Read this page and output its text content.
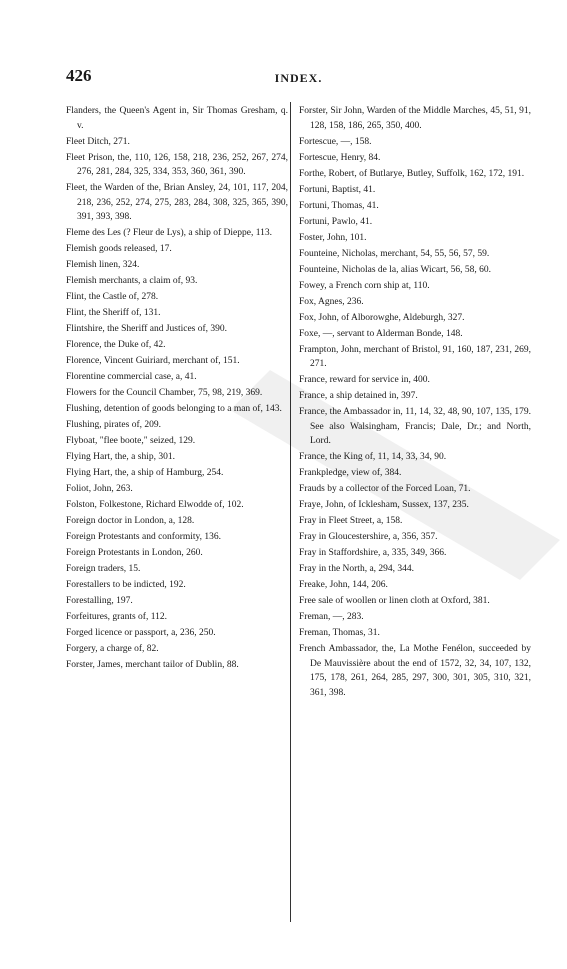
426	INDEX.

Flanders, the Queen's Agent in, Sir Thomas Gresham, q. v.

Fleet Ditch, 271.

Fleet Prison, the, 110, 126, 158, 218, 236, 252, 267, 274, 276, 281, 284, 325, 334, 353, 360, 361, 390.

Fleet, the Warden of the, Brian Ansley, 24, 101, 117, 204, 218, 236, 252, 274, 275, 283, 284, 308, 325, 365, 390, 391, 393, 398.

Fleme des Les (? Fleur de Lys), a ship of Dieppe, 113.

Flemish goods released, 17.

Flemish linen, 324.

Flemish merchants, a claim of, 93.

Flint, the Castle of, 278.

Flint, the Sheriff of, 131.

Flintshire, the Sheriff and Justices of, 390.

Florence, the Duke of, 42.

Florence, Vincent Guiriard, merchant of, 151.

Florentine commercial case, a, 41.

Flowers for the Council Chamber, 75, 98, 219, 369.

Flushing, detention of goods belonging to a man of, 143.

Flushing, pirates of, 209.

Flyboat, "flee boote," seized, 129.

Flying Hart, the, a ship, 301.

Flying Hart, the, a ship of Hamburg, 254.

Foliot, John, 263.

Folston, Folkestone, Richard Elwodde of, 102.

Foreign doctor in London, a, 128.

Foreign Protestants and conformity, 136.

Foreign Protestants in London, 260.

Foreign traders, 15.

Forestallers to be indicted, 192.

Forestalling, 197.

Forfeitures, grants of, 112.

Forged licence or passport, a, 236, 250.

Forgery, a charge of, 82.

Forster, James, merchant tailor of Dublin, 88.

Forster, Sir John, Warden of the Middle Marches, 45, 51, 91, 128, 158, 186, 265, 350, 400.

Fortescue, —, 158.

Fortescue, Henry, 84.

Forthe, Robert, of Butlarye, Butley, Suffolk, 162, 172, 191.

Fortuni, Baptist, 41.

Fortuni, Thomas, 41.

Fortuni, Pawlo, 41.

Foster, John, 101.

Founteine, Nicholas, merchant, 54, 55, 56, 57, 59.

Founteine, Nicholas de la, alias Wicart, 56, 58, 60.

Fowey, a French corn ship at, 110.

Fox, Agnes, 236.

Fox, John, of Alborowghe, Aldeburgh, 327.

Foxe, —, servant to Alderman Bonde, 148.

Frampton, John, merchant of Bristol, 91, 160, 187, 231, 269, 271.

France, reward for service in, 400.

France, a ship detained in, 397.

France, the Ambassador in, 11, 14, 32, 48, 90, 107, 135, 179. See also Walsingham, Francis; Dale, Dr.; and North, Lord.

France, the King of, 11, 14, 33, 34, 90.

Frankpledge, view of, 384.

Frauds by a collector of the Forced Loan, 71.

Fraye, John, of Icklesham, Sussex, 137, 235.

Fray in Fleet Street, a, 158.

Fray in Gloucestershire, a, 356, 357.

Fray in Staffordshire, a, 335, 349, 366.

Fray in the North, a, 294, 344.

Freake, John, 144, 206.

Free sale of woollen or linen cloth at Oxford, 381.

Freman, —, 283.

Freman, Thomas, 31.

French Ambassador, the, La Mothe Fenélon, succeeded by De Mauvissière about the end of 1572, 32, 34, 107, 132, 175, 178, 261, 264, 285, 297, 300, 301, 305, 310, 321, 361, 398.
